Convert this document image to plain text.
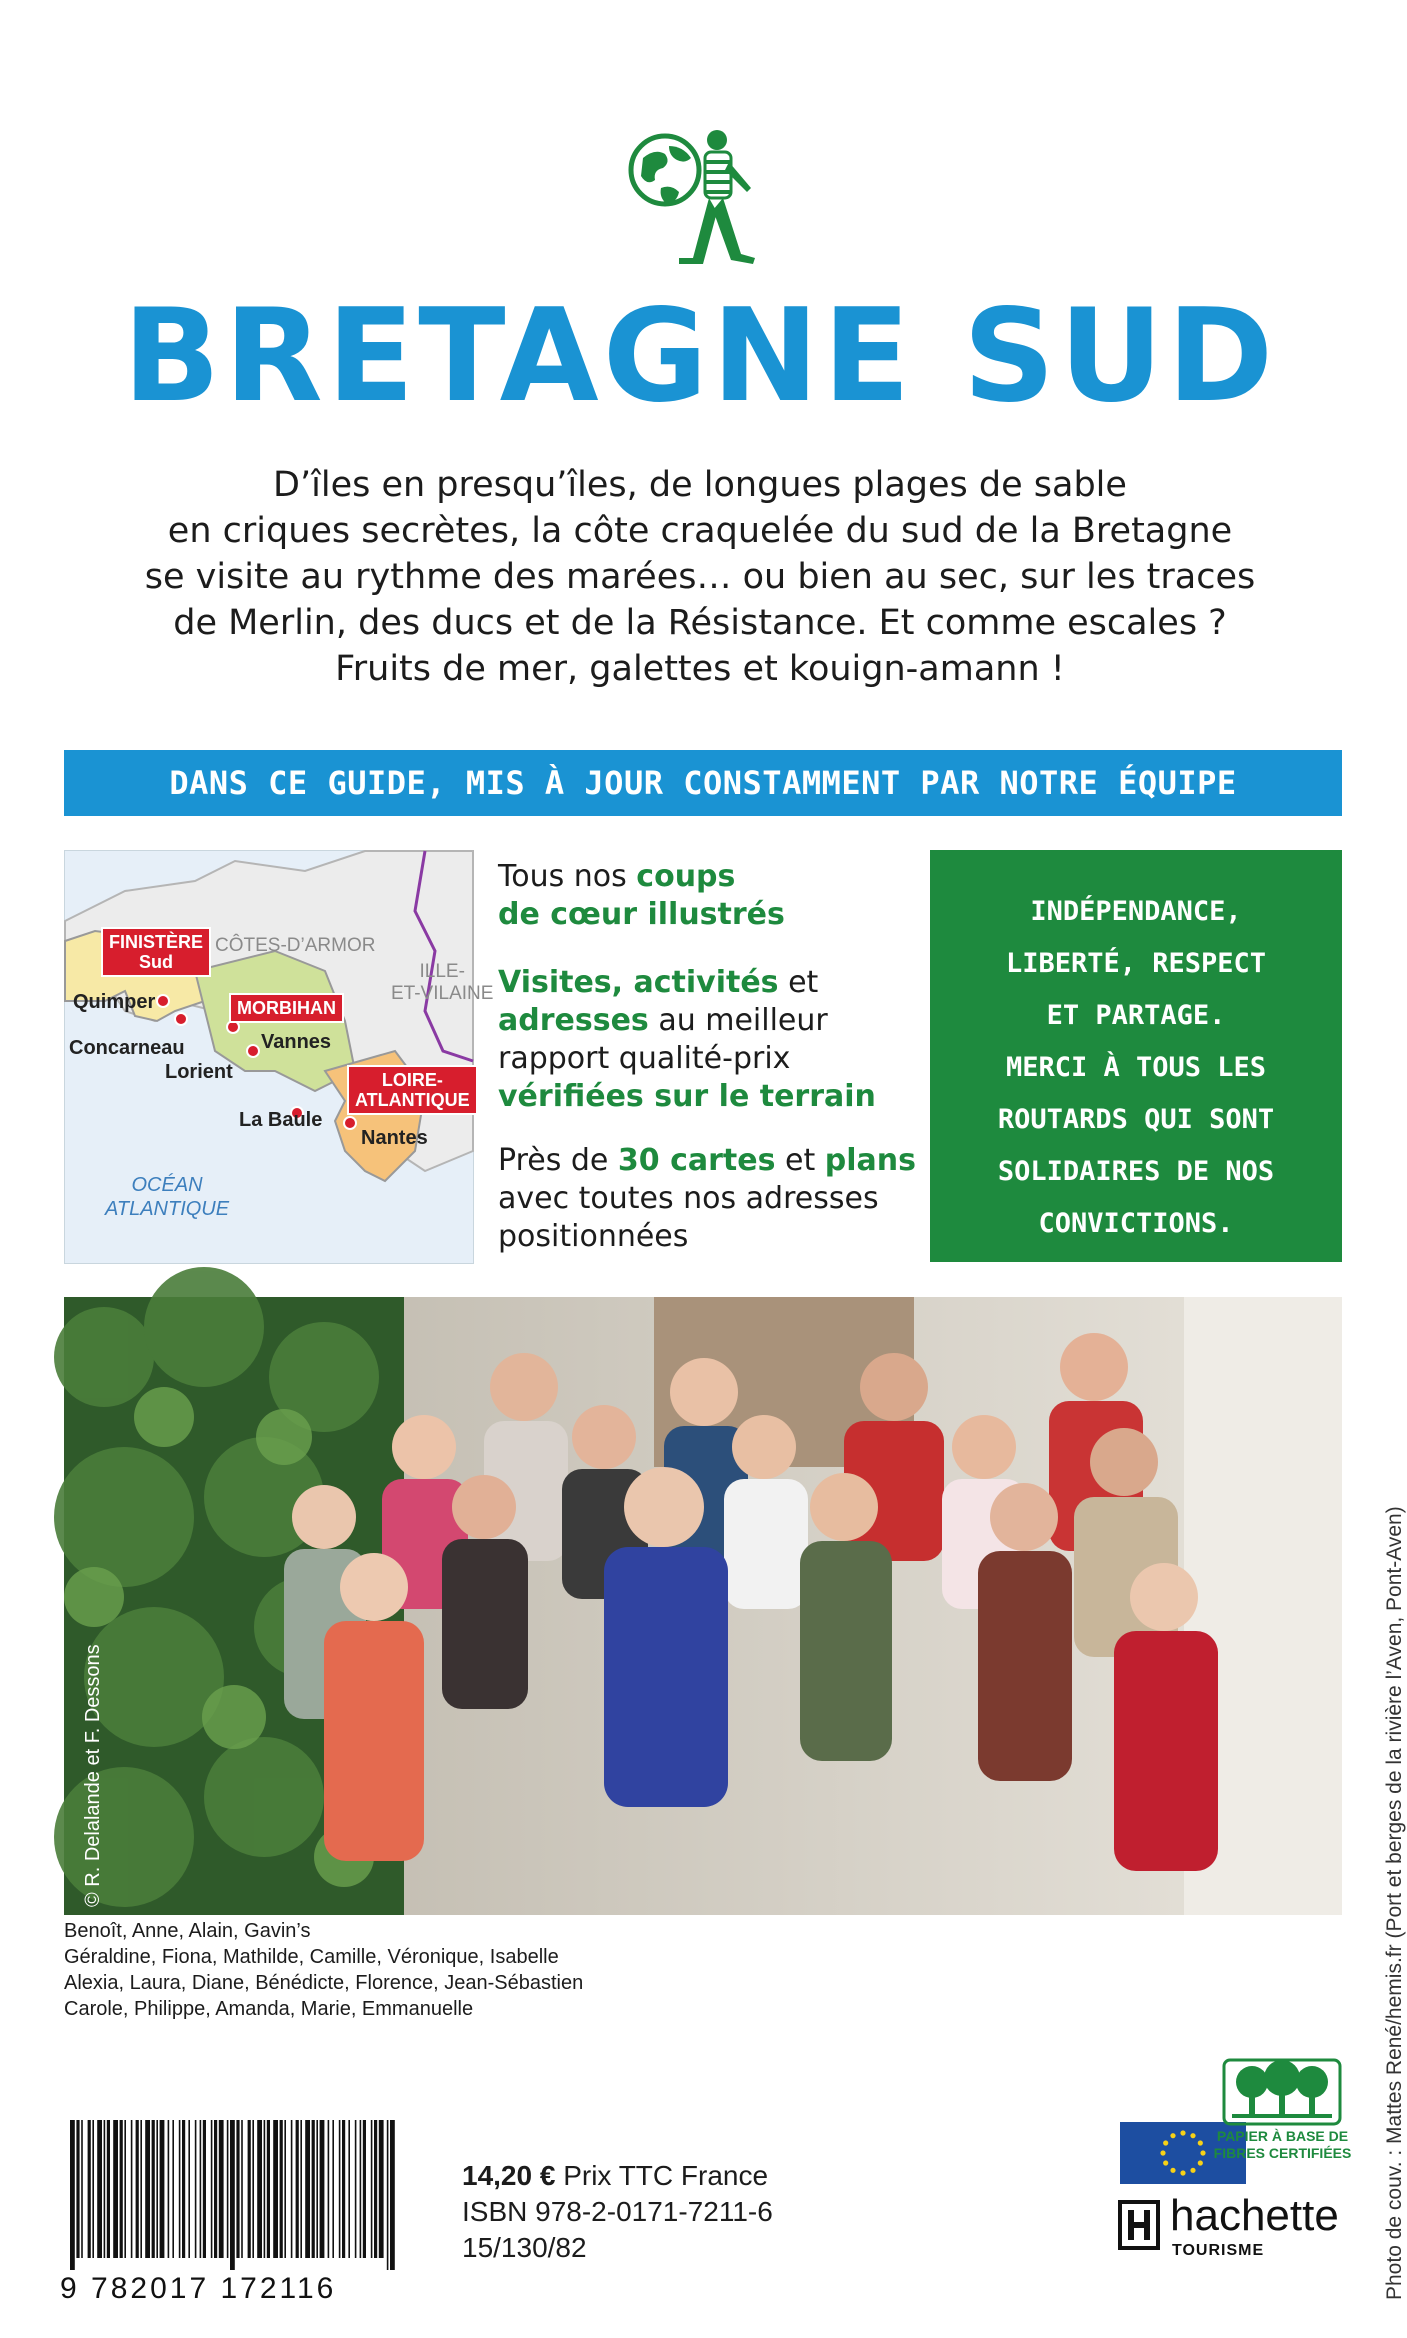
BRETAGNE SUD
D’îles en presqu’îles, de longues plages de sable
en criques secrètes, la côte craquelée du sud de la Bretagne
se visite au rythme des marées… ou bien au sec, sur les traces
de Merlin, des ducs et de la Résistance. Et comme escales ?
Fruits de mer, galettes et kouign-amann !
DANS CE GUIDE, MIS À JOUR CONSTAMMENT PAR NOTRE ÉQUIPE
FINISTÈRE
Sud
MORBIHAN
LOIRE-
ATLANTIQUE
CÔTES-D’ARMOR
ILLE-
ET-VILAINE
Quimper
Concarneau
Lorient
Vannes
La Baule
Nantes
OCÉAN
ATLANTIQUE
Tous nos coups
de cœur illustrés
Visites, activités et
adresses au meilleur
rapport qualité-prix
vérifiées sur le terrain
Près de 30 cartes et plans
avec toutes nos adresses
positionnées
INDÉPENDANCE,
LIBERTÉ, RESPECT
ET PARTAGE.
MERCI À TOUS LES
ROUTARDS QUI SONT
SOLIDAIRES DE NOS
CONVICTIONS.
© R. Delalande et F. Dessons
Benoît, Anne, Alain, Gavin’s
Géraldine, Fiona, Mathilde, Camille, Véronique, Isabelle
Alexia, Laura, Diane, Bénédicte, Florence, Jean-Sébastien
Carole, Philippe, Amanda, Marie, Emmanuelle	Photo de couv. : Mattes René/hemis.fr (Port et berges de la rivière l’Aven, Pont-Aven)
9 782017 172116
14,20 € Prix TTC France
ISBN 978-2-0171-7211-6
15/130/82
PAPIER À BASE DE
FIBRES CERTIFIÉES
hachette
TOURISME
